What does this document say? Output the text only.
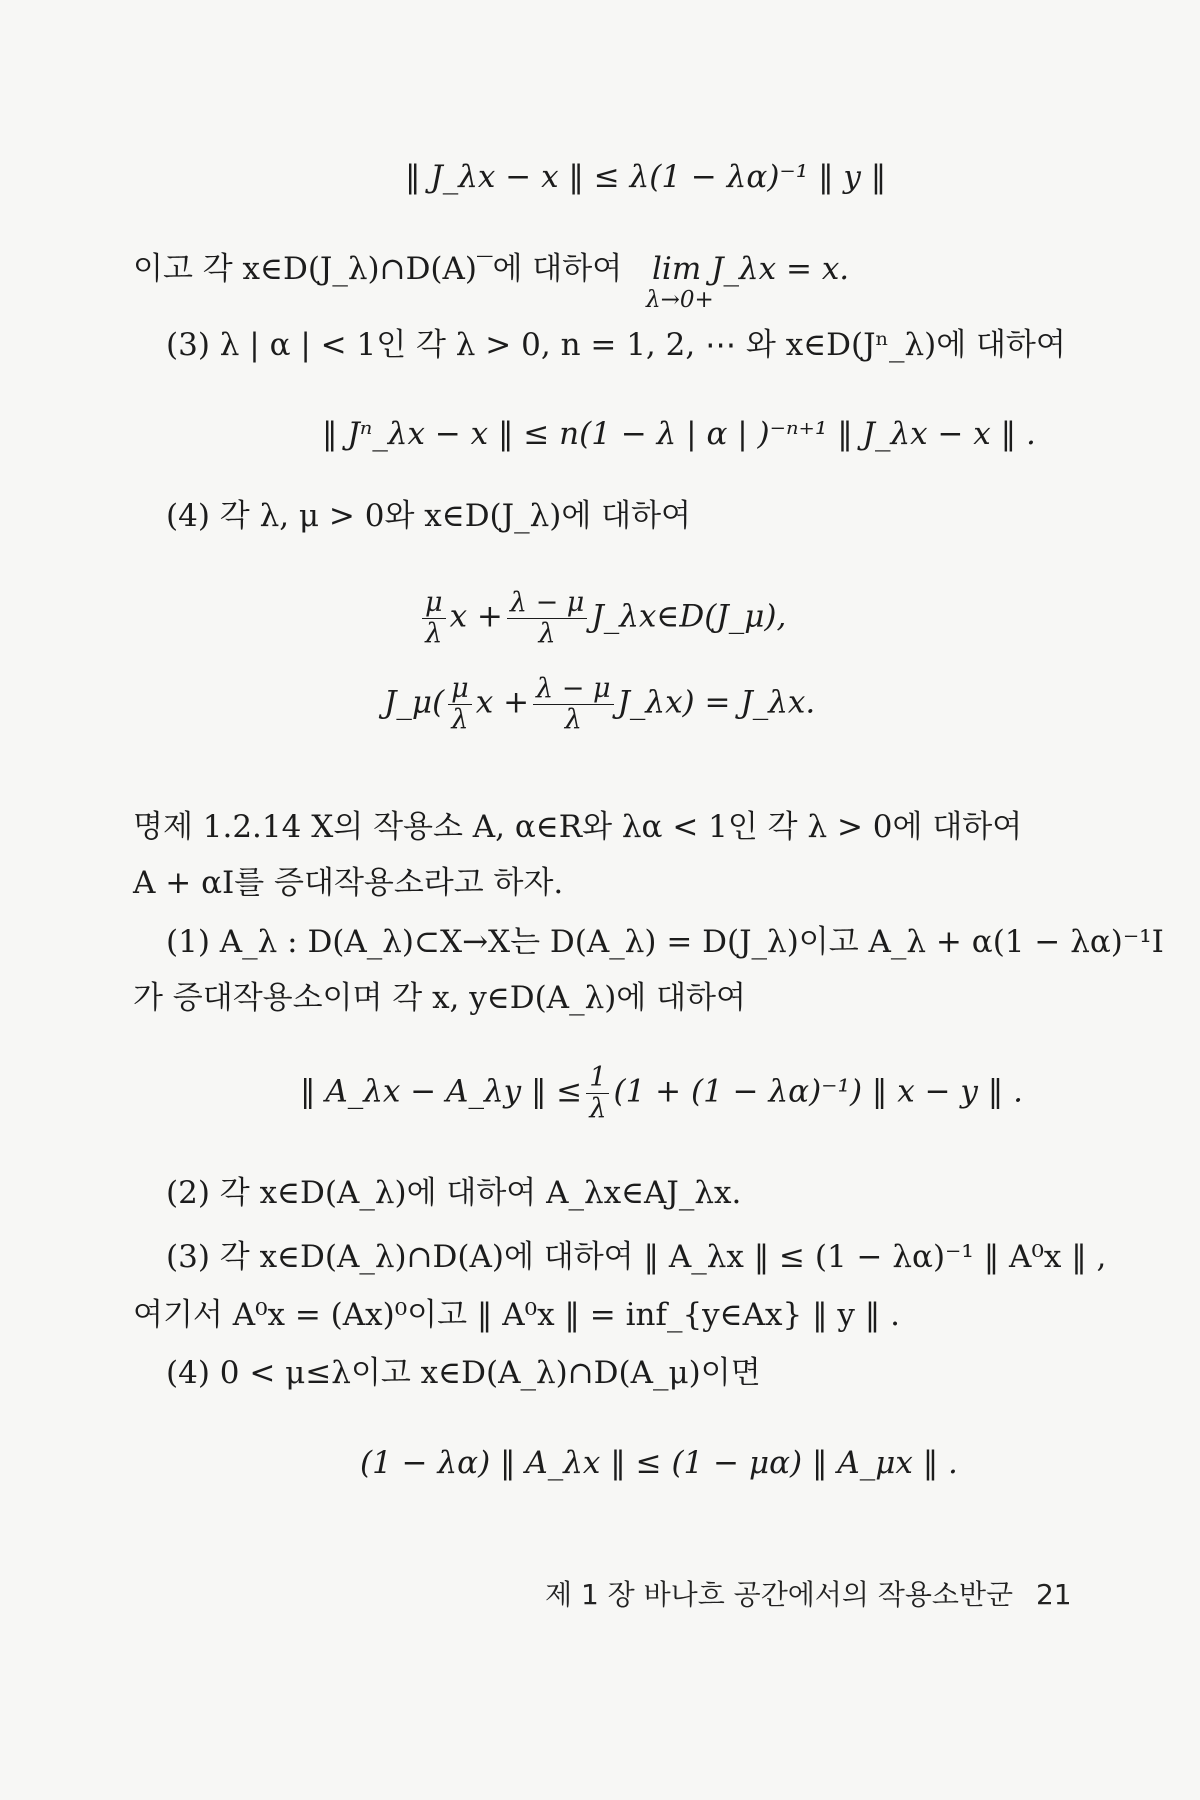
‖ J_λx − x ‖ ≤ λ(1 − λα)⁻¹ ‖ y ‖
이고 각 x∈D(J_λ)∩D(A)‾에 대하여 lim J_λx = x.
λ→0+
(3) λ | α | < 1인 각 λ > 0, n = 1, 2, ⋯ 와 x∈D(Jⁿ_λ)에 대하여
‖ Jⁿ_λx − x ‖ ≤ n(1 − λ | α | )⁻ⁿ⁺¹ ‖ J_λx − x ‖ .
(4) 각 λ, μ > 0와 x∈D(J_λ)에 대하여
$\frac{\mu}{\lambda}$ $x + \frac{\lambda - \mu}{\lambda}$ J_λx∈D(J_μ),
J_μ( $\frac{\mu}{\lambda}$ $x + \frac{\lambda - \mu}{\lambda}$ J_λx) = J_λx.
명제 1.2.14 X의 작용소 A, α∈R와 λα < 1인 각 λ > 0에 대하여
A + αI를 증대작용소라고 하자.
(1) A_λ : D(A_λ)⊂X→X는 D(A_λ) = D(J_λ)이고 A_λ + α(1 − λα)⁻¹I
가 증대작용소이며 각 x, y∈D(A_λ)에 대하여
‖ A_λx − A_λy ‖ ≤ $\frac{1}{\lambda} (1 + (1 - \lambda\alpha)^{-1})$ ‖ x − y ‖ .
(2) 각 x∈D(A_λ)에 대하여 A_λx∈AJ_λx.
(3) 각 x∈D(A_λ)∩D(A)에 대하여 ‖ A_λx ‖ ≤ (1 − λα)⁻¹ ‖ A⁰x ‖ ,
여기서 A⁰x = (Ax)⁰이고 ‖ A⁰x ‖ = inf_{y∈Ax} ‖ y ‖ .
(4) 0 < μ≤λ이고 x∈D(A_λ)∩D(A_μ)이면
(1 − λα) ‖ A_λx ‖ ≤ (1 − μα) ‖ A_μx ‖ .
제 1 장 바나흐 공간에서의 작용소반군 21
